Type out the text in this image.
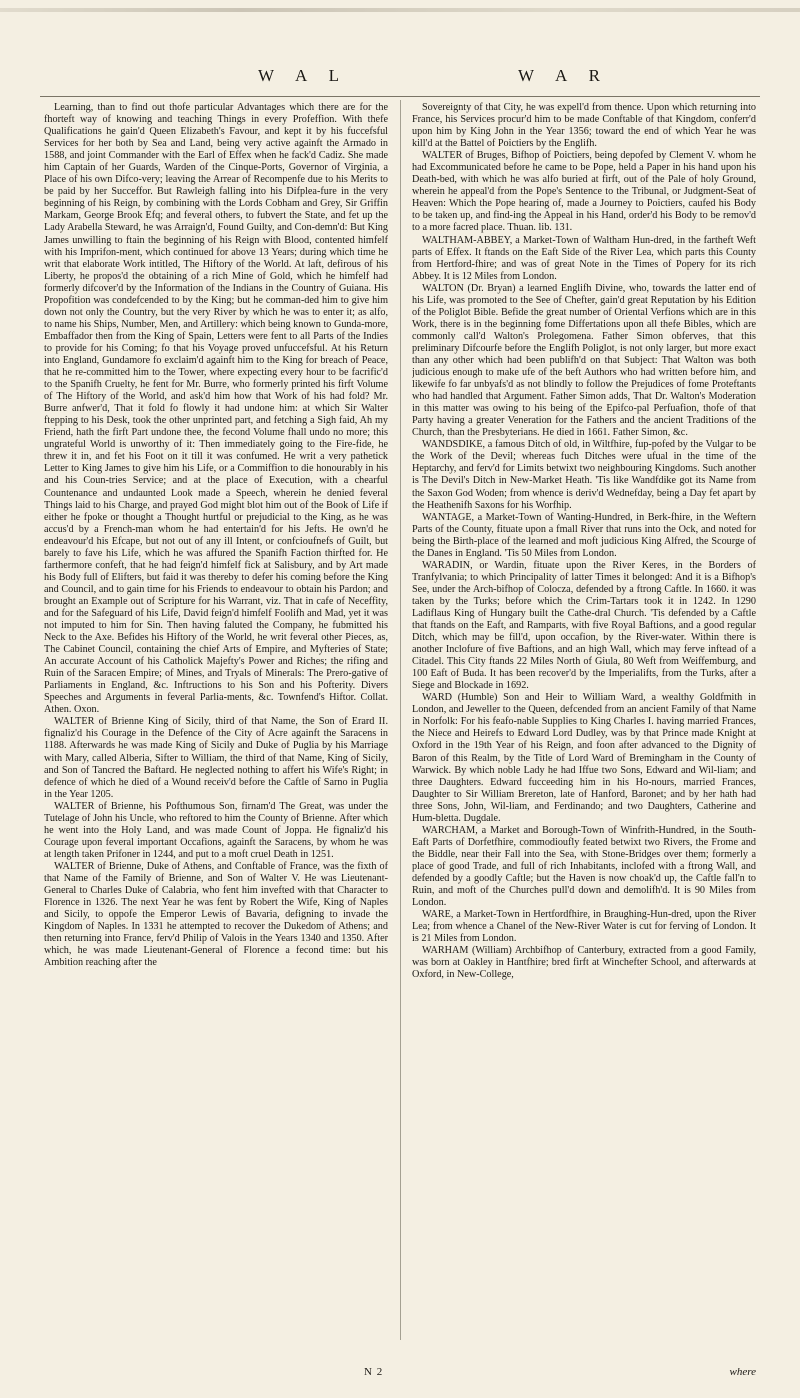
W A L	W A R

Learning, than to find out thofe particular Advantages which there are for the fhorteft way of knowing and teaching Things in every Profeffion. With thefe Qualifications he gain'd Queen Elizabeth's Favour, and kept it by his fuccefsful Services for her both by Sea and Land, being very active againft the Armado in 1588, and joint Commander with the Earl of Effex when he fack'd Cadiz. She made him Captain of her Guards, Warden of the Cinque-Ports, Governor of Virginia, a Place of his own Difco-very; leaving the Arrear of Recompenfe due to his Merits to be paid by her Succeffor. But Rawleigh falling into his Difplea-fure in the very beginning of his Reign, by combining with the Lords Cobham and Grey, Sir Griffin Markam, George Brook Efq; and feveral others, to fubvert the State, and fet up the Lady Arabella Steward, he was Arraign'd, Found Guilty, and Con-demn'd: But King James unwilling to ftain the beginning of his Reign with Blood, contented himfelf with his Imprifon-ment, which continued for above 13 Years; during which time he writ that elaborate Work intitled, The Hiftory of the World. At laft, defirous of his Liberty, he propos'd the obtaining of a rich Mine of Gold, which he himfelf had formerly difcover'd by the Information of the Indians in the Country of Guiana. His Propofition was condefcended to by the King; but he comman-ded him to give him down not only the Country, but the very River by which he was to enter it; as alfo, to name his Ships, Number, Men, and Artillery: which being known to Gunda-more, Embaffador then from the King of Spain, Letters were fent to all Parts of the Indies to provide for his Coming; fo that his Voyage proved unfuccefsful. At his Return into England, Gundamore fo exclaim'd againft him to the King for breach of Peace, that he re-committed him to the Tower, where expecting every hour to be facrific'd to the Spanifh Cruelty, he fent for Mr. Burre, who formerly printed his firft Volume of The Hiftory of the World, and ask'd him how that Work of his had fold? Mr. Burre anfwer'd, That it fold fo flowly it had undone him: at which Sir Walter ftepping to his Desk, took the other unprinted part, and fetching a Sigh faid, Ah my Friend, hath the firft Part undone thee, the fecond Volume fhall undo no more; this ungrateful World is unworthy of it: Then immediately going to the Fire-fide, he threw it in, and fet his Foot on it till it was confumed. He writ a very pathetick Letter to King James to give him his Life, or a Commiffion to die honourably in his and his Coun-tries Service; and at the place of Execution, with a chearful Countenance and undaunted Look made a Speech, wherein he denied feveral Things laid to his Charge, and prayed God might blot him out of the Book of Life if either he fpoke or thought a Thought hurtful or prejudicial to the King, as he was accus'd by a French-man whom he had entertain'd for his Jefts. He own'd he endeavour'd his Efcape, but not out of any ill Intent, or confcioufnefs of Guilt, but barely to fave his Life, which he was affured the Spanifh Faction thirfted for. He farthermore confeft, that he had feign'd himfelf fick at Salisbury, and by Art made his Body full of Elifters, but faid it was thereby to defer his coming before the King and Council, and to gain time for his Friends to endeavour to obtain his Pardon; and brought an Example out of Scripture for his Warrant, viz. That in cafe of Neceffity, and for the Safeguard of his Life, David feign'd himfelf Foolifh and Mad, yet it was not imputed to him for Sin. Then having faluted the Company, he fubmitted his Neck to the Axe. Befides his Hiftory of the World, he writ feveral other Pieces, as, The Cabinet Council, containing the chief Arts of Empire, and Myfteries of State; An accurate Account of his Catholick Majefty's Power and Riches; the rifing and Ruin of the Saracen Empire; of Mines, and Tryals of Minerals: The Prero-gative of Parliaments in England, &c. Inftructions to his Son and his Pofterity. Divers Speeches and Arguments in feveral Parlia-ments, &c. Townfend's Hiftor. Collat. Athen. Oxon.

WALTER of Brienne King of Sicily, third of that Name, the Son of Erard II. fignaliz'd his Courage in the Defence of the City of Acre againft the Saracens in 1188. Afterwards he was made King of Sicily and Duke of Puglia by his Marriage with Mary, called Alberia, Sifter to William, the third of that Name, King of Sicily, and Son of Tancred the Baftard. He neglected nothing to affert his Wife's Right; in defence of which he died of a Wound receiv'd before the Caftle of Sarno in Puglia in the Year 1205.

WALTER of Brienne, his Pofthumous Son, firnam'd The Great, was under the Tutelage of John his Uncle, who reftored to him the County of Brienne. After which he went into the Holy Land, and was made Count of Joppa. He fignaliz'd his Courage upon feveral important Occafions, againft the Saracens, by whom he was at length taken Prifoner in 1244, and put to a moft cruel Death in 1251.

WALTER of Brienne, Duke of Athens, and Conftable of France, was the fixth of that Name of the Family of Brienne, and Son of Walter V. He was Lieutenant-General to Charles Duke of Calabria, who fent him invefted with that Character to Florence in 1326. The next Year he was fent by Robert the Wife, King of Naples and Sicily, to oppofe the Emperor Lewis of Bavaria, defigning to invade the Kingdom of Naples. In 1331 he attempted to recover the Dukedom of Athens; and then returning into France, ferv'd Philip of Valois in the Years 1340 and 1350. After which, he was made Lieutenant-General of Florence a fecond time: but his Ambition reaching after the

Sovereignty of that City, he was expell'd from thence. Upon which returning into France, his Services procur'd him to be made Conftable of that Kingdom, conferr'd upon him by King John in the Year 1356; toward the end of which Year he was kill'd at the Battel of Poictiers by the Englifh.

WALTER of Bruges, Bifhop of Poictiers, being depofed by Clement V. whom he had Excommunicated before he came to be Pope, held a Paper in his hand upon his Death-bed, with which he was alfo buried at firft, out of the Pale of holy Ground, wherein he appeal'd from the Pope's Sentence to the Tribunal, or Judgment-Seat of Heaven: Which the Pope hearing of, made a Journey to Poictiers, caufed his Body to be taken up, and find-ing the Appeal in his Hand, order'd his Body to be remov'd to a more facred place. Thuan. lib. 131.

WALTHAM-ABBEY, a Market-Town of Waltham Hun-dred, in the fartheft Weft parts of Effex. It ftands on the Eaft Side of the River Lea, which parts this County from Hertford-fhire; and was of great Note in the Times of Popery for its rich Abbey. It is 12 Miles from London.

WALTON (Dr. Bryan) a learned Englifh Divine, who, towards the latter end of his Life, was promoted to the See of Chefter, gain'd great Reputation by his Edition of the Poliglot Bible. Befide the great number of Oriental Verfions which are in this Work, there is in the beginning fome Differtations upon all thefe Bibles, which are commonly call'd Walton's Prolegomena. Father Simon obferves, that this preliminary Difcourfe before the Englifh Poliglot, is not only larger, but more exact than any other which had been publifh'd on that Subject: That Walton was both judicious enough to make ufe of the beft Authors who had written before him, and likewife fo far unbyafs'd as not blindly to follow the Prejudices of fome Proteftants who had handled that Argument. Father Simon adds, That Dr. Walton's Moderation in this matter was owing to his being of the Epifco-pal Perfuafion, thofe of that Party having a greater Veneration for the Fathers and the ancient Traditions of the Church, than the Presbyterians. He died in 1661. Father Simon, &c.

WANDSDIKE, a famous Ditch of old, in Wiltfhire, fup-pofed by the Vulgar to be the Work of the Devil; whereas fuch Ditches were ufual in the time of the Heptarchy, and ferv'd for Limits betwixt two neighbouring Kingdoms. Such another is The Devil's Ditch in New-Market Heath. 'Tis like Wandfdike got its Name from the Saxon God Woden; from whence is deriv'd Wednefday, being a Day fet apart by the Heathenifh Saxons for his Worfhip.

WANTAGE, a Market-Town of Wanting-Hundred, in Berk-fhire, in the Weftern Parts of the County, fituate upon a fmall River that runs into the Ock, and noted for being the Birth-place of the learned and moft judicious King Alfred, the Scourge of the Danes in England. 'Tis 50 Miles from London.

WARADIN, or Wardin, fituate upon the River Keres, in the Borders of Tranfylvania; to which Principality of latter Times it belonged: And it is a Bifhop's See, under the Arch-bifhop of Colocza, defended by a ftrong Caftle. In 1660. it was taken by the Turks; before which the Crim-Tartars took it in 1242. In 1290 Ladiflaus King of Hungary built the Cathe-dral Church. 'Tis defended by a Caftle that ftands on the Eaft, and Ramparts, with five Royal Baftions, and a good regular Ditch, which may be fill'd, upon occafion, by the River-water. Within there is another Inclofure of five Baftions, and an high Wall, which may ferve inftead of a Citadel. This City ftands 22 Miles North of Giula, 80 Weft from Weiffemburg, and 100 Eaft of Buda. It has been recover'd by the Imperialifts, from the Turks, after a Siege and Blockade in 1692.

WARD (Humble) Son and Heir to William Ward, a wealthy Goldfmith in London, and Jeweller to the Queen, defcended from an ancient Family of that Name in Norfolk: For his feafo-nable Supplies to King Charles I. having married Frances, the Niece and Heirefs to Edward Lord Dudley, was by that Prince made Knight at Oxford in the 19th Year of his Reign, and foon after advanced to the Dignity of Baron of this Realm, by the Title of Lord Ward of Bremingham in the County of Warwick. By which noble Lady he had Iffue two Sons, Edward and Wil-liam; and three Daughters. Edward fucceeding him in his Ho-nours, married Frances, Daughter to Sir William Brereton, late of Hanford, Baronet; and by her hath had three Sons, John, Wil-liam, and Ferdinando; and two Daughters, Catherine and Hum-bletta. Dugdale.

WARCHAM, a Market and Borough-Town of Winfrith-Hundred, in the South-Eaft Parts of Dorfetfhire, commodioufly feated betwixt two Rivers, the Frome and the Biddle, near their Fall into the Sea, with Stone-Bridges over them; formerly a place of good Trade, and full of rich Inhabitants, inclofed with a ftrong Wall, and defended by a goodly Caftle; but the Haven is now choak'd up, the Caftle fall'n to Ruin, and moft of the Churches pull'd down and demolifh'd. It is 90 Miles from London.

WARE, a Market-Town in Hertfordfhire, in Braughing-Hun-dred, upon the River Lea; from whence a Chanel of the New-River Water is cut for ferving of London. It is 21 Miles from London.

WARHAM (William) Archbifhop of Canterbury, extracted from a good Family, was born at Oakley in Hantfhire; bred firft at Winchefter School, and afterwards at Oxford, in New-College,

N 2	where
